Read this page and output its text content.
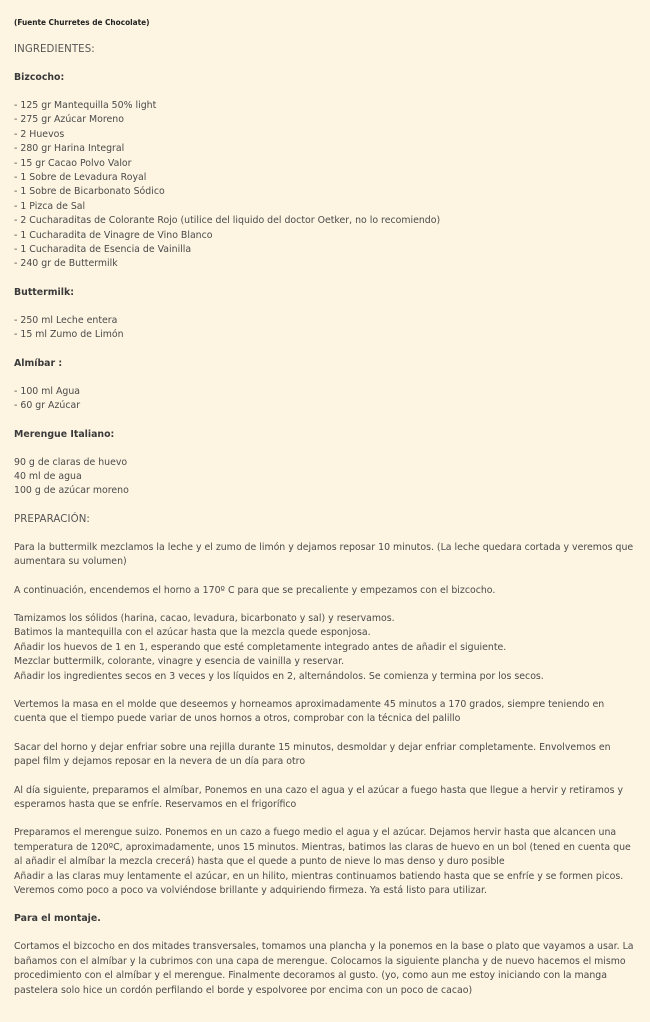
(Fuente Churretes de Chocolate)
INGREDIENTES:
Bizcocho:
- 125 gr Mantequilla 50% light
- 275 gr Azúcar Moreno
- 2 Huevos
- 280 gr Harina Integral
- 15 gr Cacao Polvo Valor
- 1 Sobre de Levadura Royal
- 1 Sobre de Bicarbonato Sódico
- 1 Pizca de Sal
- 2 Cucharaditas de Colorante Rojo (utilice del liquido del doctor Oetker, no lo recomiendo)
- 1 Cucharadita de Vinagre de Vino Blanco
- 1 Cucharadita de Esencia de Vainilla
- 240 gr de Buttermilk
Buttermilk:
- 250 ml Leche entera
- 15 ml Zumo de Limón
Almíbar :
- 100 ml Agua
- 60 gr Azúcar
Merengue Italiano:
90 g de claras de huevo
40 ml de agua
100 g de azúcar moreno
PREPARACIÓN:

Para la buttermilk mezclamos la leche y el zumo de limón y dejamos reposar 10 minutos. (La leche quedara cortada y veremos que aumentara su volumen)

A continuación, encendemos el horno a 170º C para que se precaliente y empezamos con el bizcocho.

Tamizamos los sólidos (harina, cacao, levadura, bicarbonato y sal) y reservamos.
Batimos la mantequilla con el azúcar hasta que la mezcla quede esponjosa.
Añadir los huevos de 1 en 1, esperando que esté completamente integrado antes de añadir el siguiente.
Mezclar buttermilk, colorante, vinagre y esencia de vainilla y reservar.
Añadir los ingredientes secos en 3 veces y los líquidos en 2, alternándolos. Se comienza y termina por los secos.

Vertemos la masa en el molde que deseemos y horneamos aproximadamente 45 minutos a 170 grados, siempre teniendo en cuenta que el tiempo puede variar de unos hornos a otros, comprobar con la técnica del palillo

Sacar del horno y dejar enfriar sobre una rejilla durante 15 minutos, desmoldar y dejar enfriar completamente. Envolvemos en papel film y dejamos reposar en la nevera de un día para otro

Al día siguiente, preparamos el almíbar, Ponemos en una cazo el agua y el azúcar a fuego hasta que llegue a hervir y retiramos y esperamos hasta que se enfríe. Reservamos en el frigorífico

Preparamos el merengue suizo. Ponemos en un cazo a fuego medio el agua y el azúcar. Dejamos hervir hasta que alcancen una temperatura de 120ºC, aproximadamente, unos 15 minutos. Mientras, batimos las claras de huevo en un bol (tened en cuenta que al añadir el almíbar la mezcla crecerá) hasta que el quede a punto de nieve lo mas denso y duro posible
Añadir a las claras muy lentamente el azúcar, en un hilito, mientras continuamos batiendo hasta que se enfríe y se formen picos. Veremos como poco a poco va volviéndose brillante y adquiriendo firmeza. Ya está listo para utilizar.
Para el montaje.

Cortamos el bizcocho en dos mitades transversales, tomamos una plancha y la ponemos en la base o plato que vayamos a usar. La bañamos con el almíbar y la cubrimos con una capa de merengue. Colocamos la siguiente plancha y de nuevo hacemos el mismo procedimiento con el almíbar y el merengue. Finalmente decoramos al gusto. (yo, como aun me estoy iniciando con la manga pastelera solo hice un cordón perfilando el borde y espolvoree por encima con un poco de cacao)
